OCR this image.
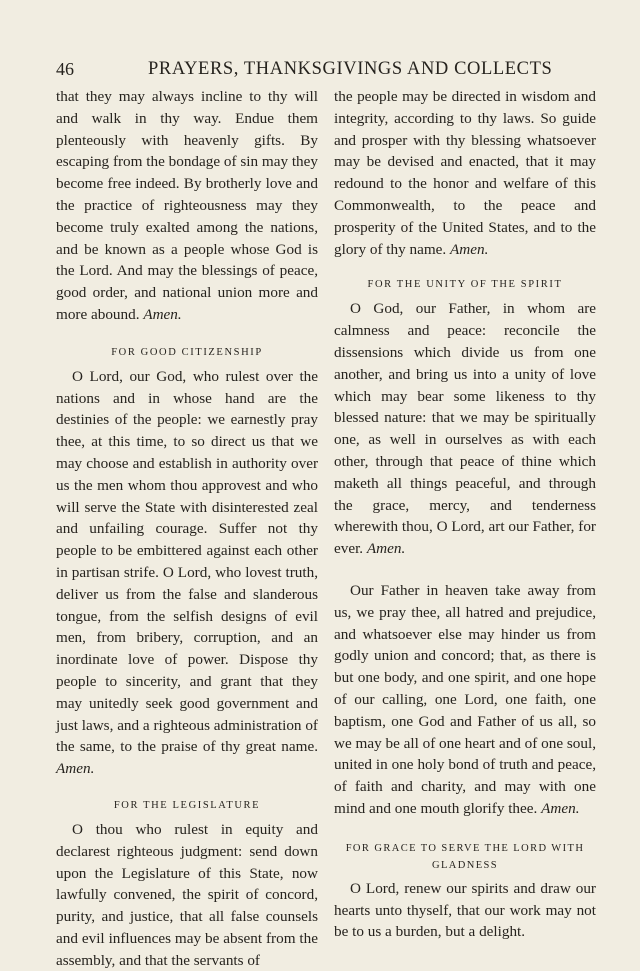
46	PRAYERS, THANKSGIVINGS AND COLLECTS

that they may always incline to thy will and walk in thy way. Endue them plenteously with heavenly gifts. By escaping from the bondage of sin may they become free indeed. By brotherly love and the practice of righteousness may they become truly exalted among the nations, and be known as a people whose God is the Lord. And may the blessings of peace, good order, and national union more and more abound. Amen.

FOR GOOD CITIZENSHIP

O Lord, our God, who rulest over the nations and in whose hand are the destinies of the people: we earnestly pray thee, at this time, to so direct us that we may choose and establish in authority over us the men whom thou approvest and who will serve the State with disinterested zeal and unfailing courage. Suffer not thy people to be embittered against each other in partisan strife. O Lord, who lovest truth, deliver us from the false and slanderous tongue, from the selfish designs of evil men, from bribery, corruption, and an inordinate love of power. Dispose thy people to sincerity, and grant that they may unitedly seek good government and just laws, and a righteous administration of the same, to the praise of thy great name. Amen.

FOR THE LEGISLATURE

O thou who rulest in equity and declarest righteous judgment: send down upon the Legislature of this State, now lawfully convened, the spirit of concord, purity, and justice, that all false counsels and evil influences may be absent from the assembly, and that the servants of

the people may be directed in wisdom and integrity, according to thy laws. So guide and prosper with thy blessing whatsoever may be devised and enacted, that it may redound to the honor and welfare of this Commonwealth, to the peace and prosperity of the United States, and to the glory of thy name. Amen.

FOR THE UNITY OF THE SPIRIT

O God, our Father, in whom are calmness and peace: reconcile the dissensions which divide us from one another, and bring us into a unity of love which may bear some likeness to thy blessed nature: that we may be spiritually one, as well in ourselves as with each other, through that peace of thine which maketh all things peaceful, and through the grace, mercy, and tenderness wherewith thou, O Lord, art our Father, for ever. Amen.

Our Father in heaven take away from us, we pray thee, all hatred and prejudice, and whatsoever else may hinder us from godly union and concord; that, as there is but one body, and one spirit, and one hope of our calling, one Lord, one faith, one baptism, one God and Father of us all, so we may be all of one heart and of one soul, united in one holy bond of truth and peace, of faith and charity, and may with one mind and one mouth glorify thee. Amen.

FOR GRACE TO SERVE THE LORD WITH GLADNESS

O Lord, renew our spirits and draw our hearts unto thyself, that our work may not be to us a burden, but a delight.
